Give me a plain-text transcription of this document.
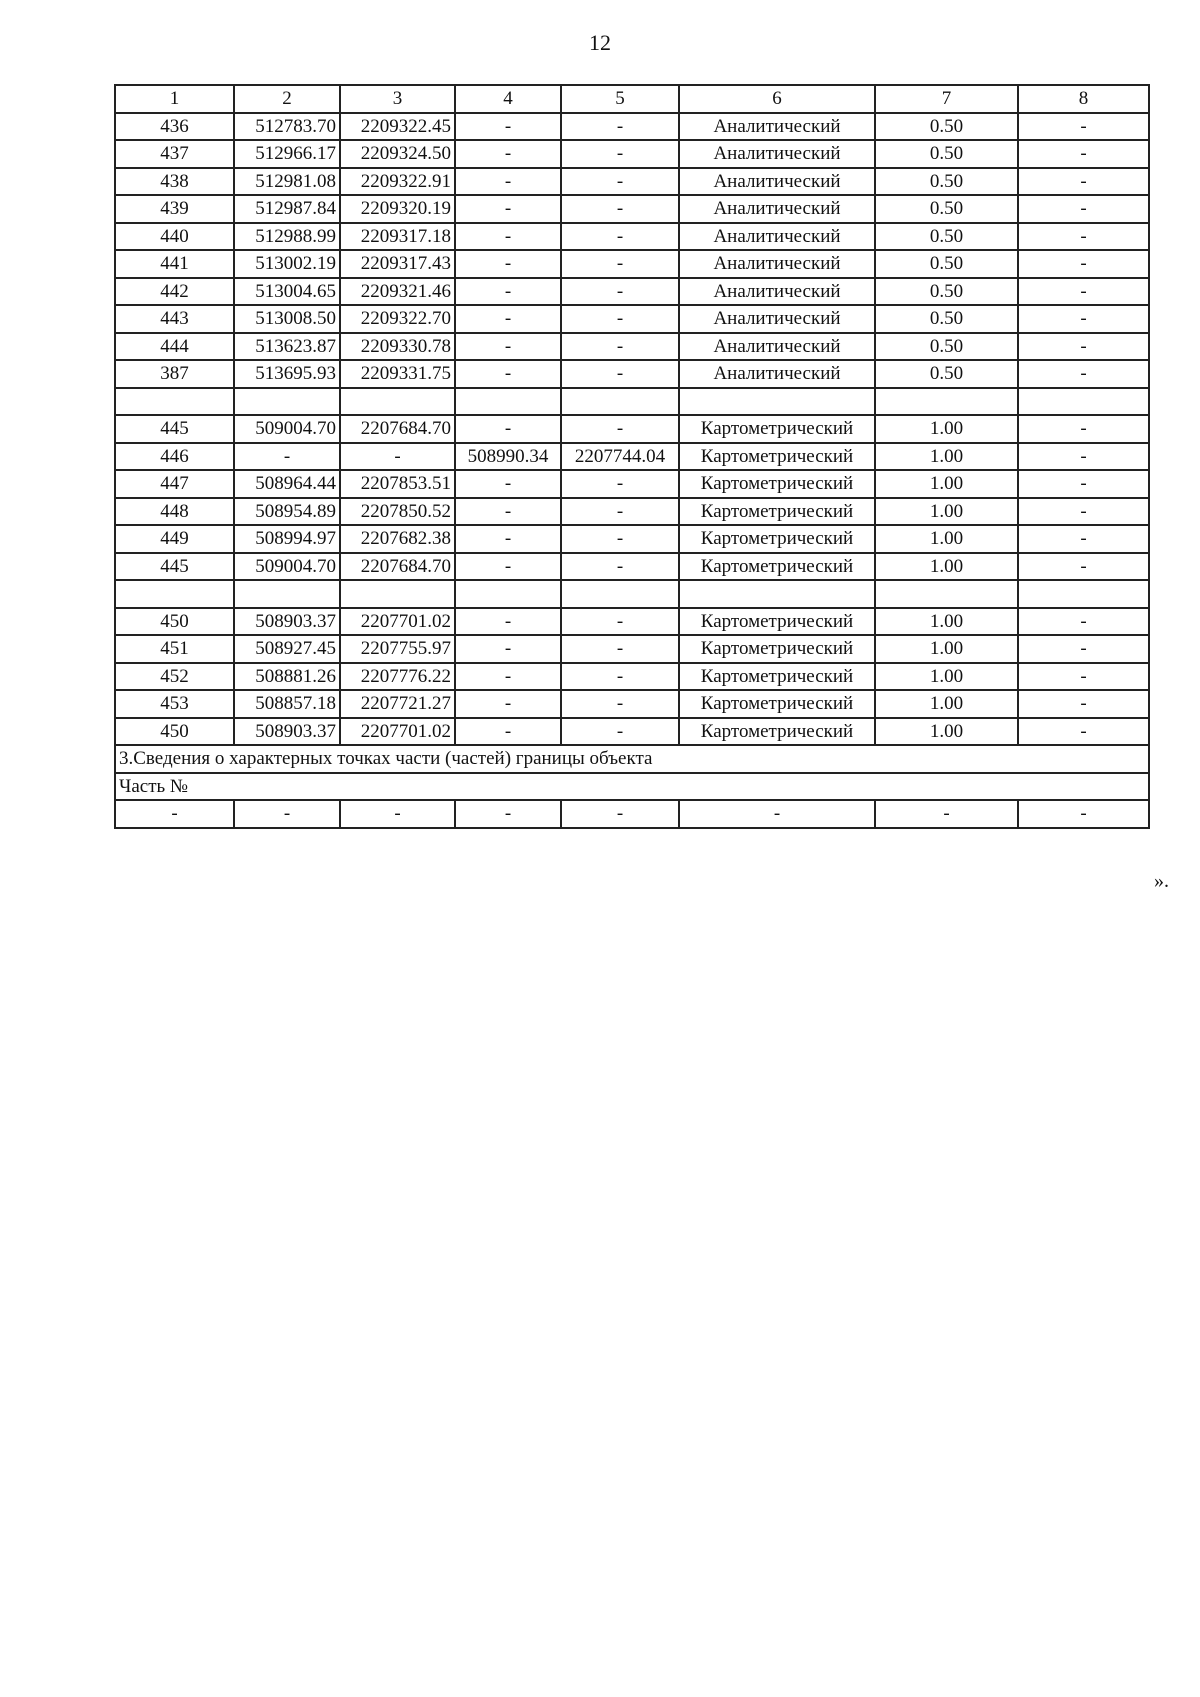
12
1	2	3	4	5	6	7	8
436	512783.70	2209322.45	-	-	Аналитический	0.50	-
437	512966.17	2209324.50	-	-	Аналитический	0.50	-
438	512981.08	2209322.91	-	-	Аналитический	0.50	-
439	512987.84	2209320.19	-	-	Аналитический	0.50	-
440	512988.99	2209317.18	-	-	Аналитический	0.50	-
441	513002.19	2209317.43	-	-	Аналитический	0.50	-
442	513004.65	2209321.46	-	-	Аналитический	0.50	-
443	513008.50	2209322.70	-	-	Аналитический	0.50	-
444	513623.87	2209330.78	-	-	Аналитический	0.50	-
387	513695.93	2209331.75	-	-	Аналитический	0.50	-

445	509004.70	2207684.70	-	-	Картометрический	1.00	-
446	-	-	508990.34	2207744.04	Картометрический	1.00	-
447	508964.44	2207853.51	-	-	Картометрический	1.00	-
448	508954.89	2207850.52	-	-	Картометрический	1.00	-
449	508994.97	2207682.38	-	-	Картометрический	1.00	-
445	509004.70	2207684.70	-	-	Картометрический	1.00	-

450	508903.37	2207701.02	-	-	Картометрический	1.00	-
451	508927.45	2207755.97	-	-	Картометрический	1.00	-
452	508881.26	2207776.22	-	-	Картометрический	1.00	-
453	508857.18	2207721.27	-	-	Картометрический	1.00	-
450	508903.37	2207701.02	-	-	Картометрический	1.00	-
3.Сведения о характерных точках части (частей) границы объекта							
Часть №							
-	-	-	-	-	-	-	-
».
